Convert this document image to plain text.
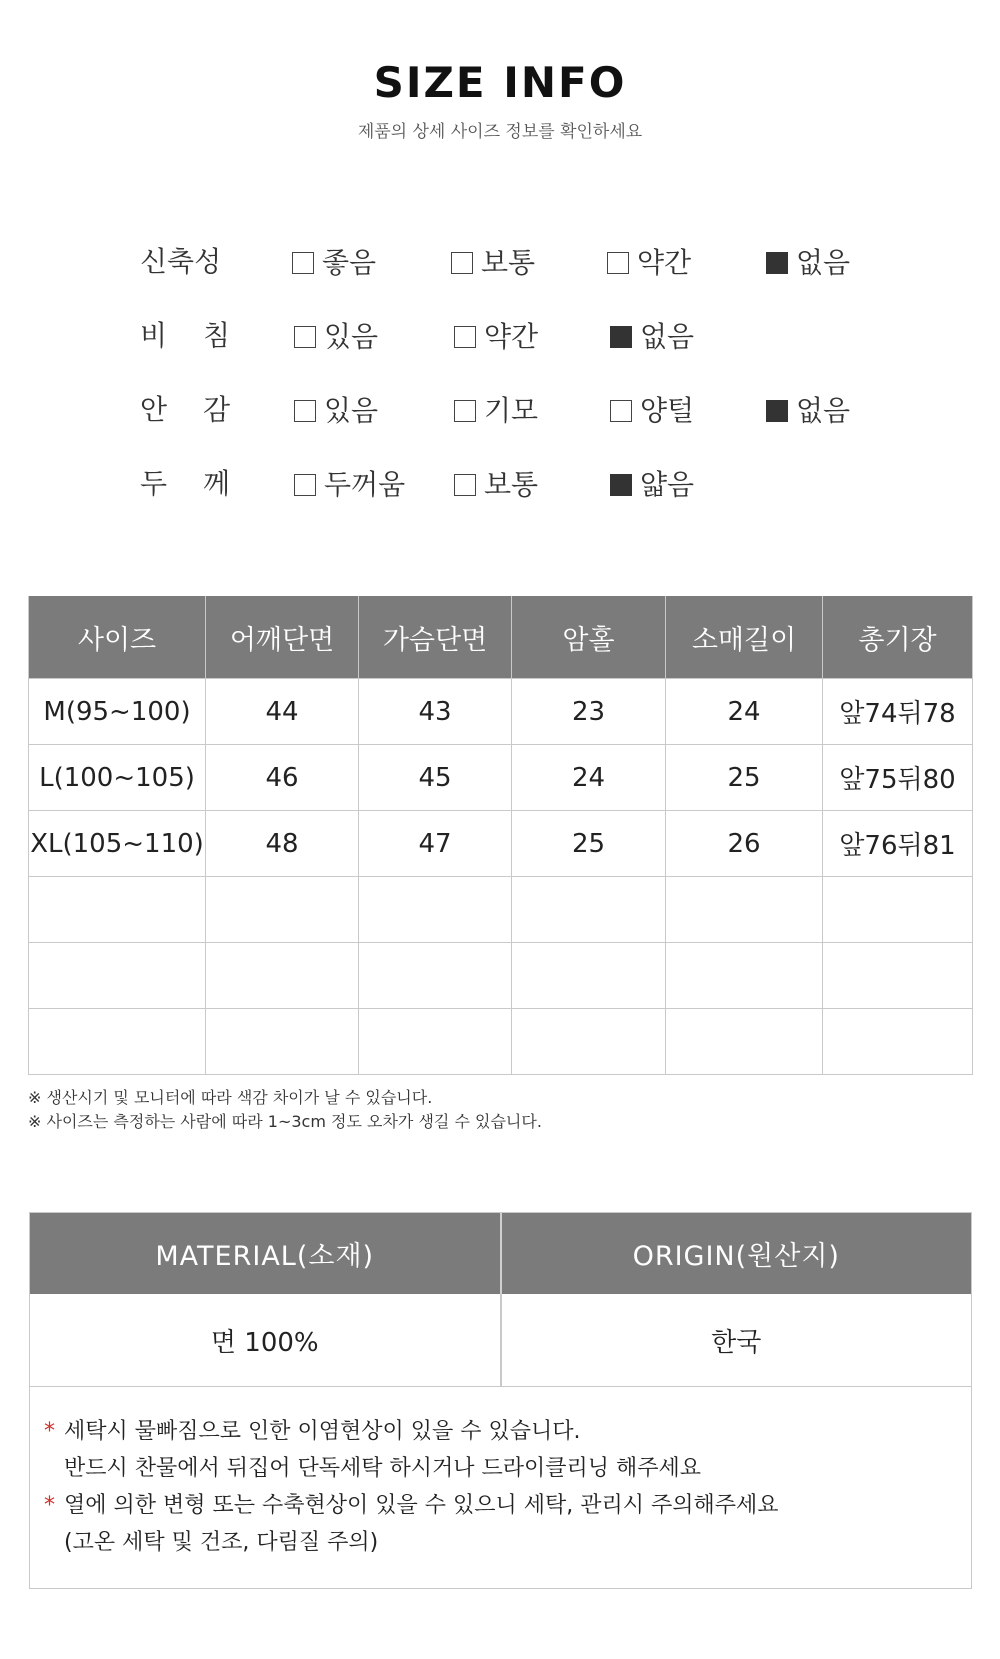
SIZE INFO
제품의 상세 사이즈 정보를 확인하세요
신축성	좋음	보통	약간	없음
비 침	있음	약간	없음
안 감	있음	기모	양털	없음
두 께	두꺼움	보통	얇음
사이즈	어깨단면	가슴단면	암홀	소매길이	총기장
M(95~100)	44	43	23	24	앞74뒤78
L(100~105)	46	45	24	25	앞75뒤80
XL(105~110)	48	47	25	26	앞76뒤81

※ 생산시기 및 모니터에 따라 색감 차이가 날 수 있습니다.
※ 사이즈는 측정하는 사람에 따라 1~3cm 정도 오차가 생길 수 있습니다.
MATERIAL(소재)	ORIGIN(원산지)
면 100%	한국
* 세탁시 물빠짐으로 인한 이염현상이 있을 수 있습니다.
반드시 찬물에서 뒤집어 단독세탁 하시거나 드라이클리닝 해주세요
* 열에 의한 변형 또는 수축현상이 있을 수 있으니 세탁, 관리시 주의해주세요
(고온 세탁 및 건조, 다림질 주의)
